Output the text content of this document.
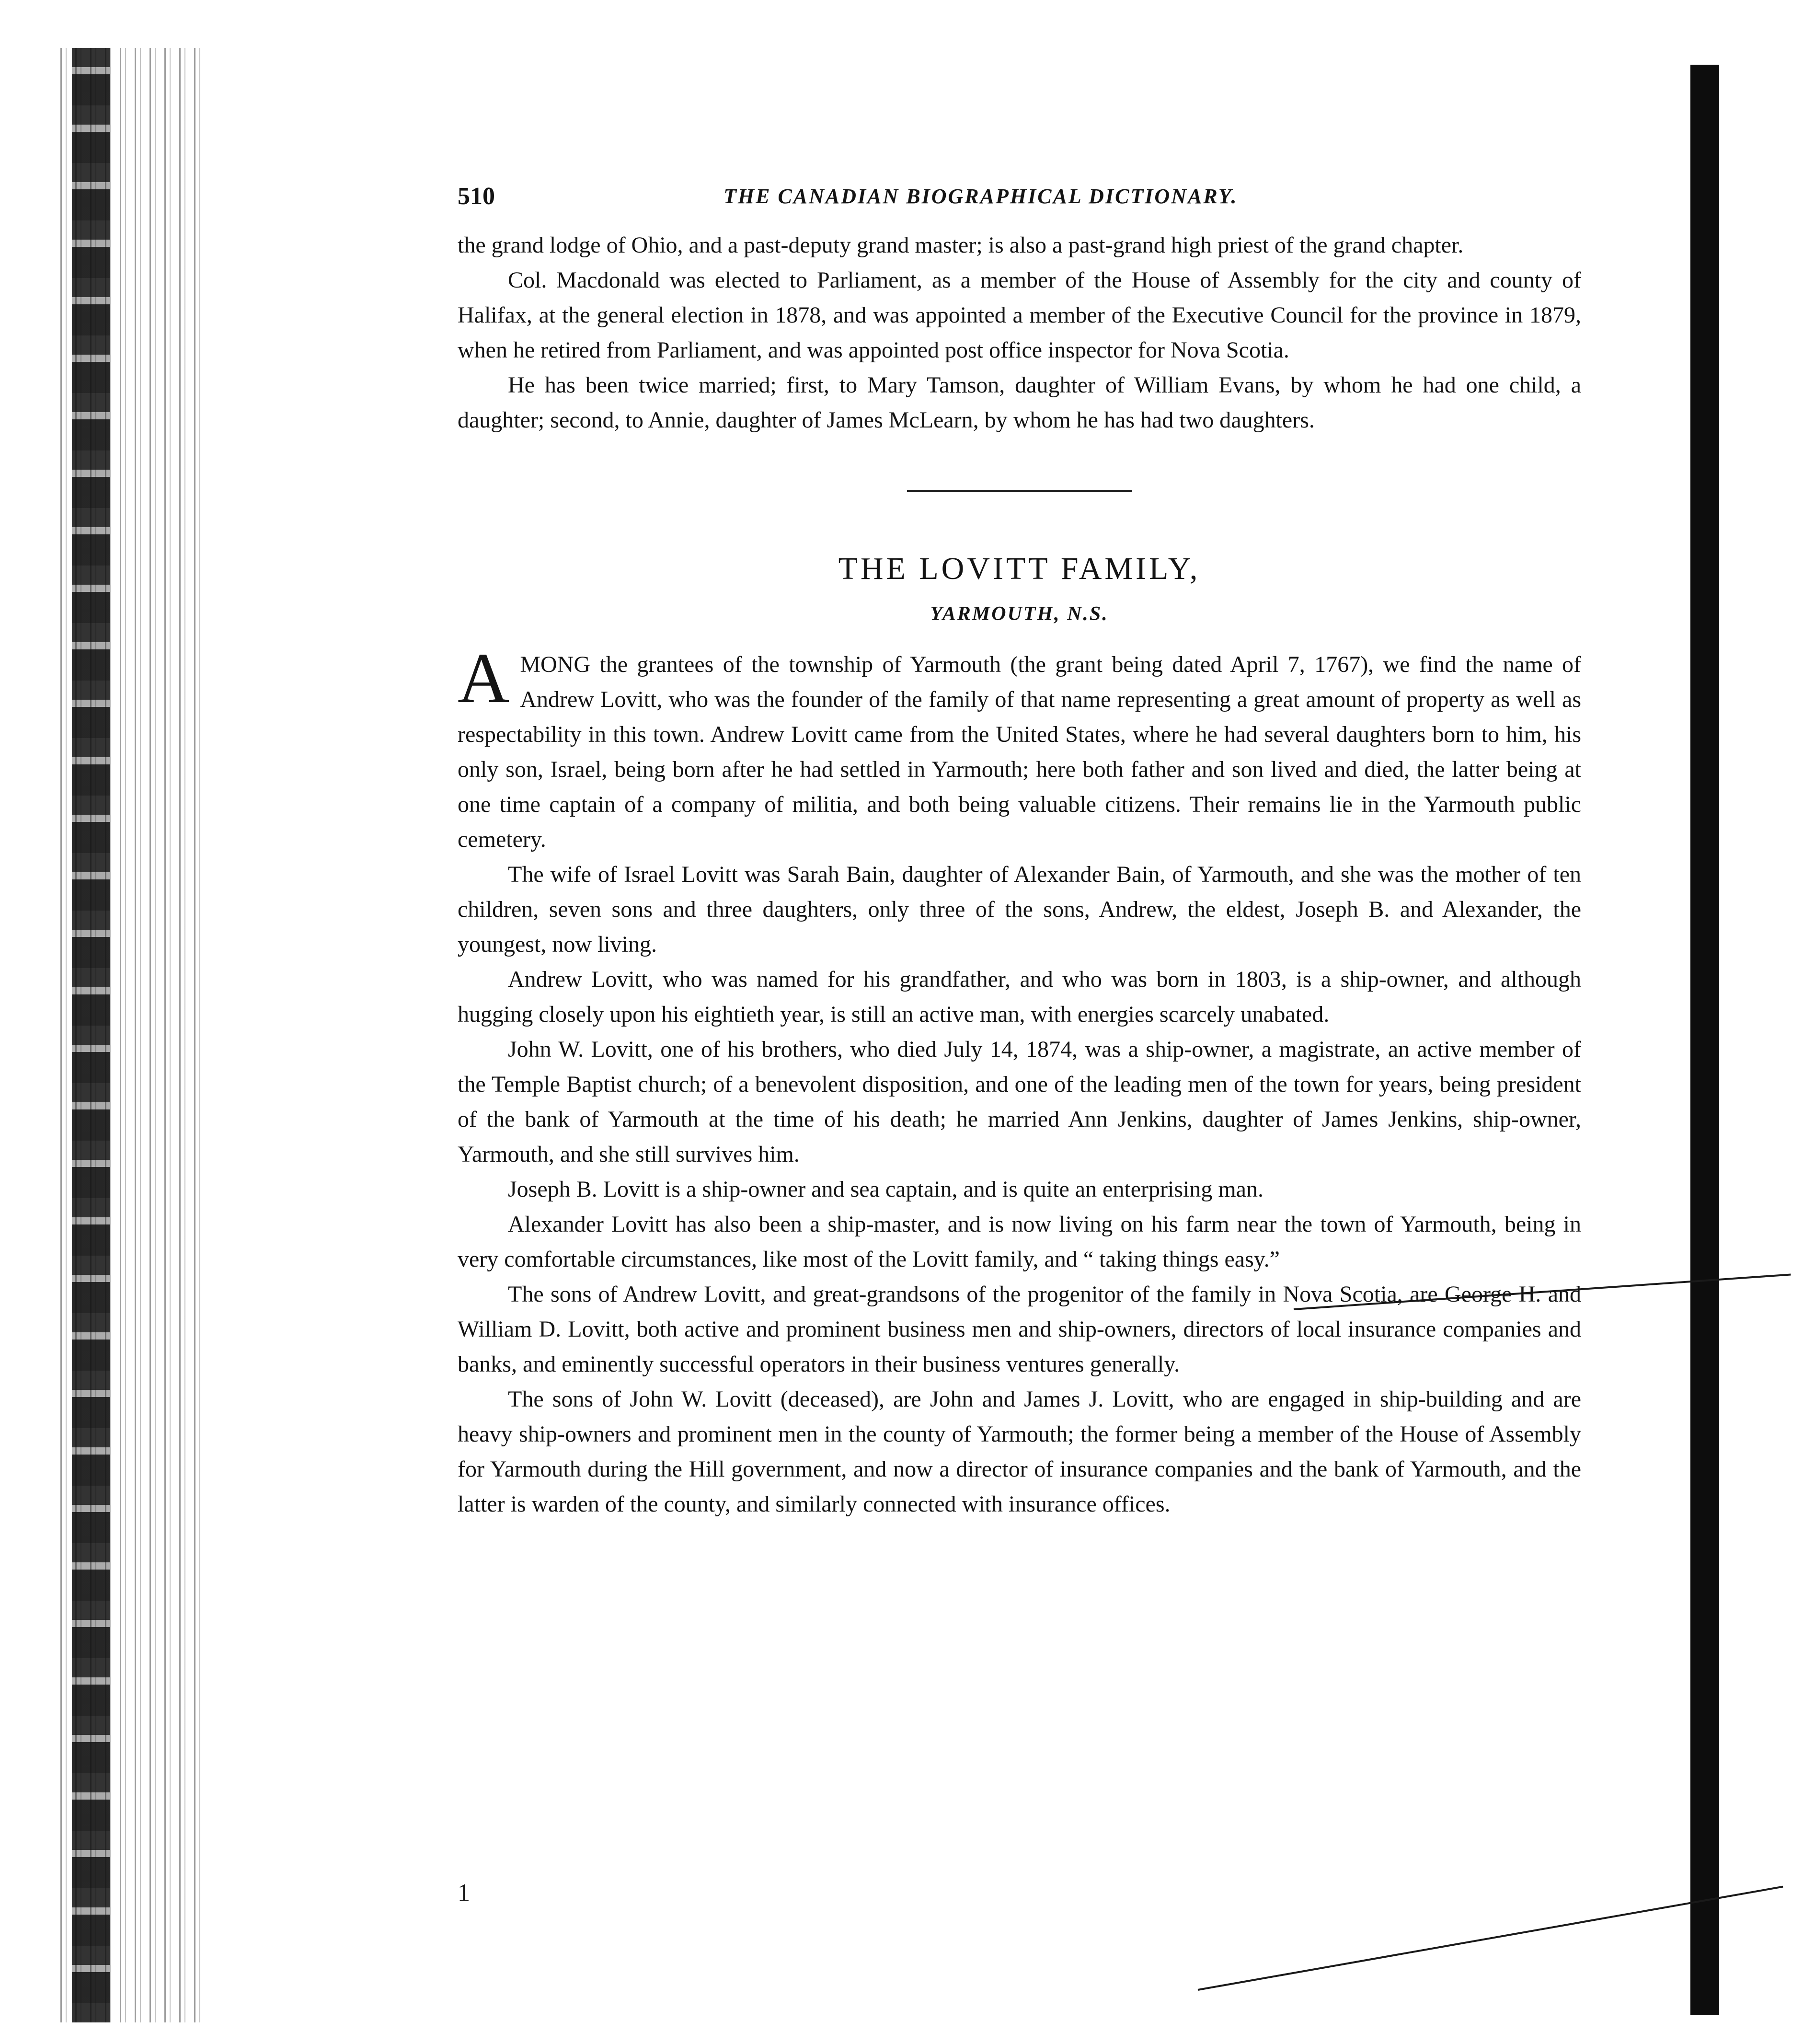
510	THE CANADIAN BIOGRAPHICAL DICTIONARY.

the grand lodge of Ohio, and a past-deputy grand master; is also a past-grand high priest of the grand chapter.

Col. Macdonald was elected to Parliament, as a member of the House of Assembly for the city and county of Halifax, at the general election in 1878, and was appointed a member of the Executive Council for the province in 1879, when he retired from Parliament, and was appointed post office inspector for Nova Scotia.

He has been twice married; first, to Mary Tamson, daughter of William Evans, by whom he had one child, a daughter; second, to Annie, daughter of James McLearn, by whom he has had two daughters.

THE LOVITT FAMILY,
YARMOUTH, N.S.

AMONG the grantees of the township of Yarmouth (the grant being dated April 7, 1767), we find the name of Andrew Lovitt, who was the founder of the family of that name representing a great amount of property as well as respectability in this town. Andrew Lovitt came from the United States, where he had several daughters born to him, his only son, Israel, being born after he had settled in Yarmouth; here both father and son lived and died, the latter being at one time captain of a company of militia, and both being valuable citizens. Their remains lie in the Yarmouth public cemetery.

The wife of Israel Lovitt was Sarah Bain, daughter of Alexander Bain, of Yarmouth, and she was the mother of ten children, seven sons and three daughters, only three of the sons, Andrew, the eldest, Joseph B. and Alexander, the youngest, now living.

Andrew Lovitt, who was named for his grandfather, and who was born in 1803, is a ship-owner, and although hugging closely upon his eightieth year, is still an active man, with energies scarcely unabated.

John W. Lovitt, one of his brothers, who died July 14, 1874, was a ship-owner, a magistrate, an active member of the Temple Baptist church; of a benevolent disposition, and one of the leading men of the town for years, being president of the bank of Yarmouth at the time of his death; he married Ann Jenkins, daughter of James Jenkins, ship-owner, Yarmouth, and she still survives him.

Joseph B. Lovitt is a ship-owner and sea captain, and is quite an enterprising man.

Alexander Lovitt has also been a ship-master, and is now living on his farm near the town of Yarmouth, being in very comfortable circumstances, like most of the Lovitt family, and “ taking things easy.”

The sons of Andrew Lovitt, and great-grandsons of the progenitor of the family in Nova Scotia, are George H. and William D. Lovitt, both active and prominent business men and ship-owners, directors of local insurance companies and banks, and eminently successful operators in their business ventures generally.

The sons of John W. Lovitt (deceased), are John and James J. Lovitt, who are engaged in ship-building and are heavy ship-owners and prominent men in the county of Yarmouth; the former being a member of the House of Assembly for Yarmouth during the Hill government, and now a director of insurance companies and the bank of Yarmouth, and the latter is warden of the county, and similarly connected with insurance offices.

1
